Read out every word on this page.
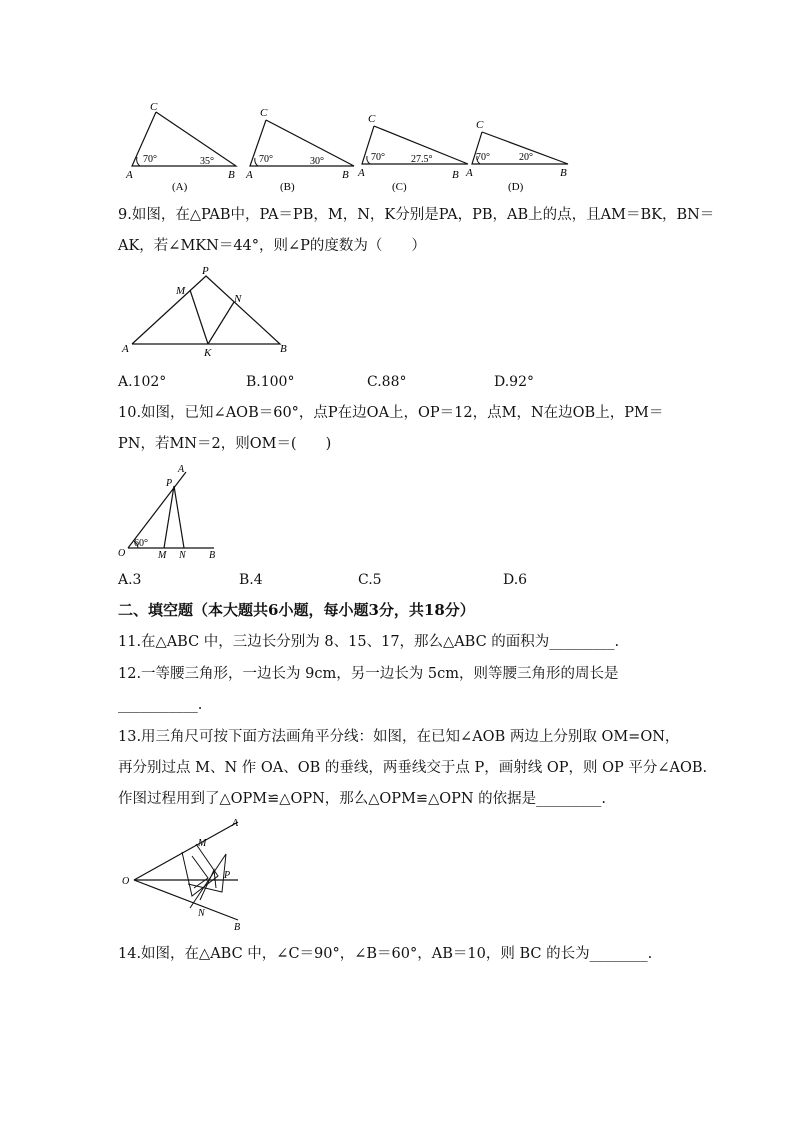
C
A	B
70°	35°
(A)
C
A	B
70°	30°
(B)
C
A	B
70°	27.5°
(C)
C
A	B
70°	20°
(D)
9.如图，在△PAB中，PA＝PB，M，N，K分别是PA，PB，AB上的点，且AM＝BK，BN＝
AK，若∠MKN＝44°，则∠P的度数为（　　）
P
M
N
A	K	B
A.102°	B.100°	C.88°	D.92°
10.如图，已知∠AOB＝60°，点P在边OA上，OP＝12，点M，N在边OB上，PM＝
PN，若MN＝2，则OM＝(　　)
A
P
O
60°
M N B
A.3	B.4	C.5	D.6
二、填空题（本大题共6小题，每小题3分，共18分）
11.在△ABC 中，三边长分别为 8、15、17，那么△ABC 的面积为_________.
12.一等腰三角形，一边长为 9cm，另一边长为 5cm，则等腰三角形的周长是
___________.
13.用三角尺可按下面方法画角平分线：如图，在已知∠AOB 两边上分别取 OM=ON，
再分别过点 M、N 作 OA、OB 的垂线，两垂线交于点 P，画射线 OP，则 OP 平分∠AOB.
作图过程用到了△OPM≌△OPN，那么△OPM≌△OPN 的依据是_________.
A
M
O
P
N
B
14.如图，在△ABC 中，∠C＝90°，∠B＝60°，AB＝10，则 BC 的长为________.
